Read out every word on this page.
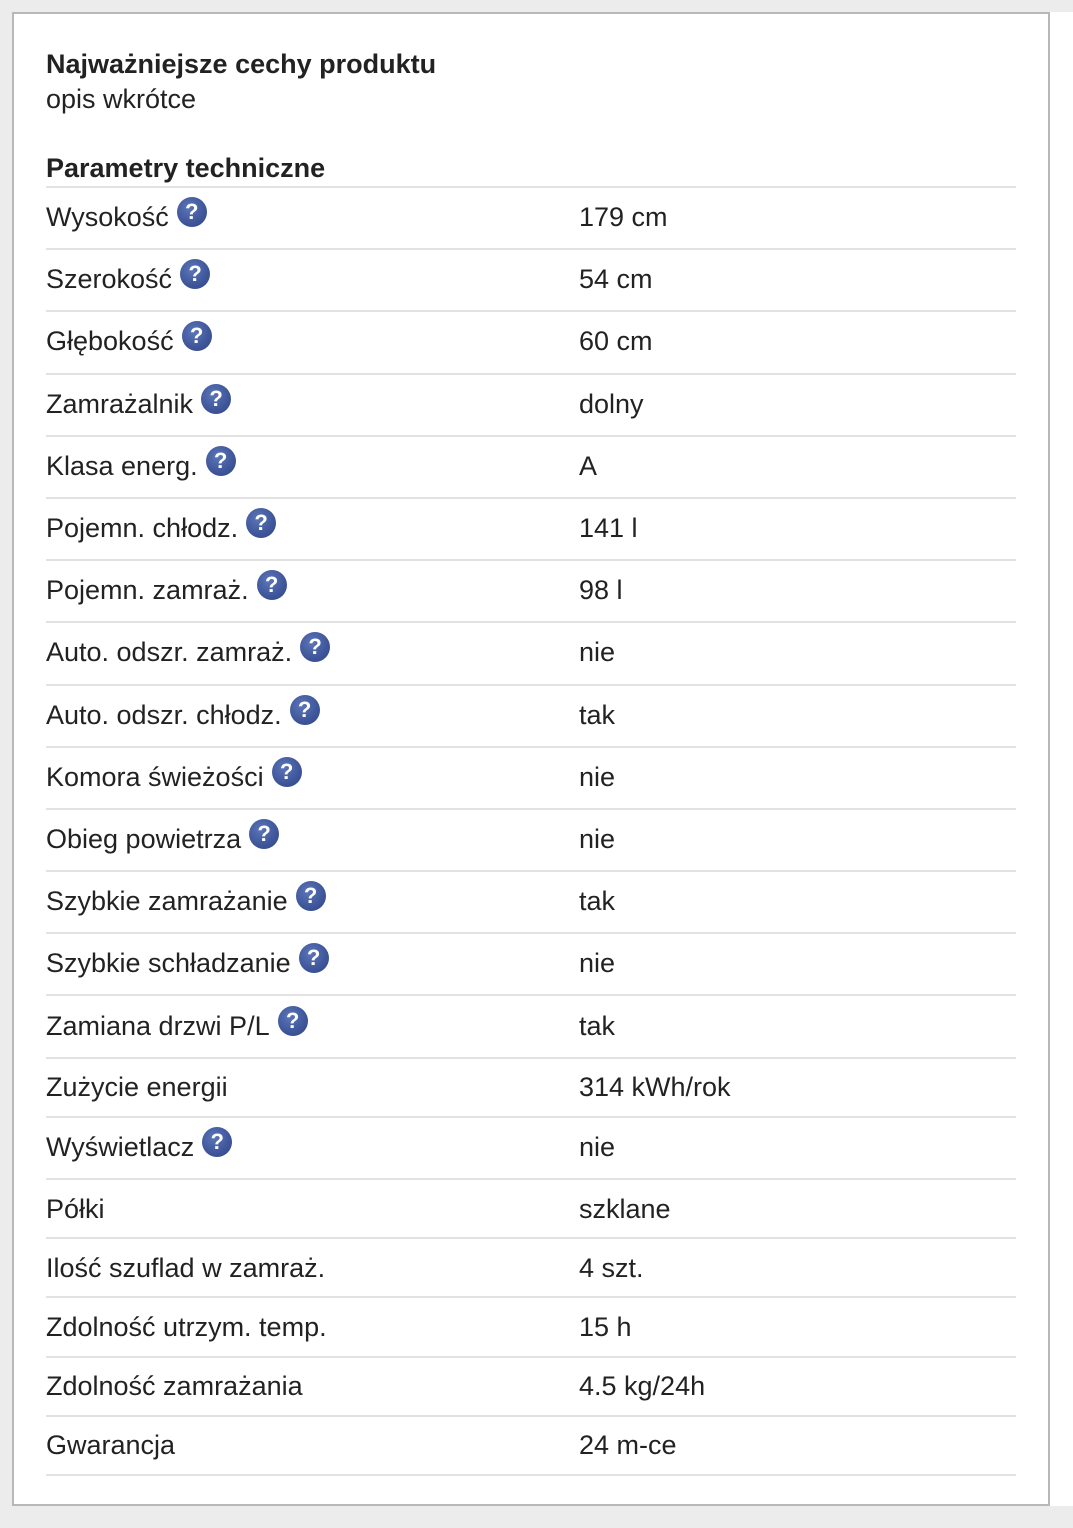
Najważniejsze cechy produktu
opis wkrótce
Parametry techniczne
Wysokość ?	179 cm
Szerokość ?	54 cm
Głębokość ?	60 cm
Zamrażalnik ?	dolny
Klasa energ. ?	A
Pojemn. chłodz. ?	141 l
Pojemn. zamraż. ?	98 l
Auto. odszr. zamraż. ?	nie
Auto. odszr. chłodz. ?	tak
Komora świeżości ?	nie
Obieg powietrza ?	nie
Szybkie zamrażanie ?	tak
Szybkie schładzanie ?	nie
Zamiana drzwi P/L ?	tak
Zużycie energii	314 kWh/rok
Wyświetlacz ?	nie
Półki	szklane
Ilość szuflad w zamraż.	4 szt.
Zdolność utrzym. temp.	15 h
Zdolność zamrażania	4.5 kg/24h
Gwarancja	24 m-ce
